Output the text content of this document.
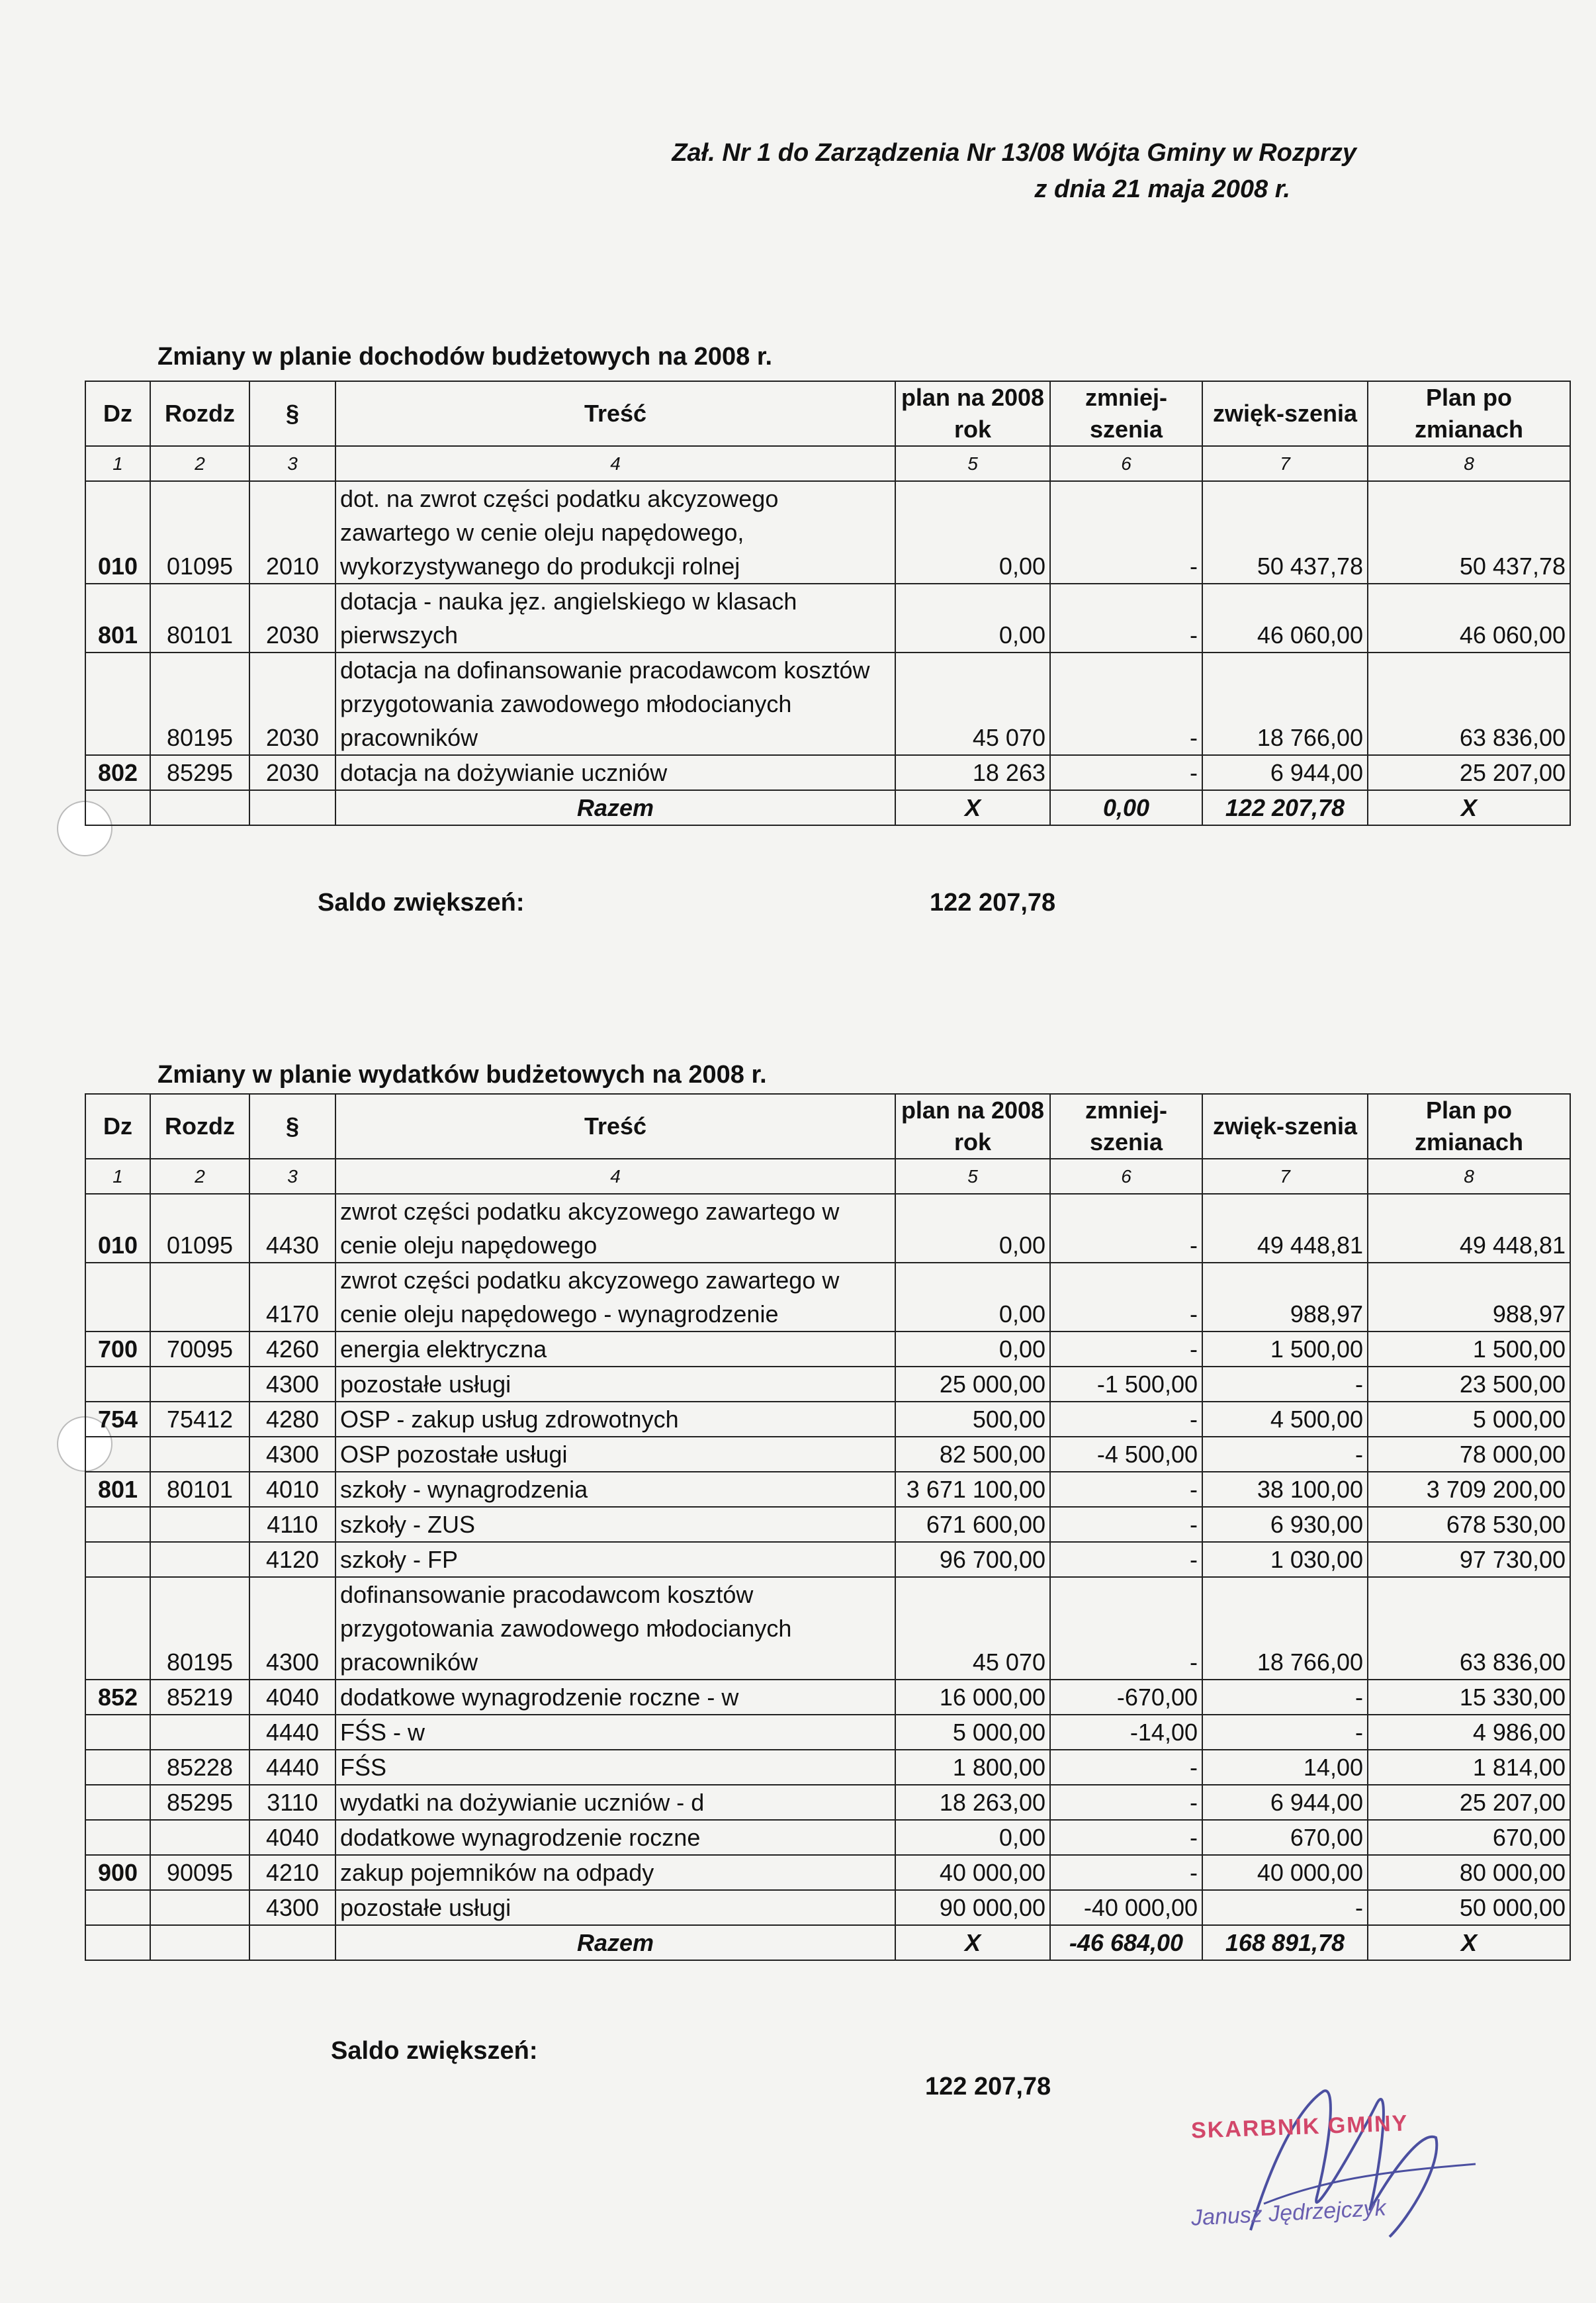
Zał. Nr 1 do Zarządzenia Nr 13/08 Wójta Gminy w Rozprzy
z dnia 21 maja 2008 r.
Zmiany w planie dochodów budżetowych na 2008 r.
Dz	Rozdz	§	Treść	plan na 2008 rok	zmniej-szenia	zwięk-szenia	Plan po zmianach
1	2	3	4	5	6	7	8
010	01095	2010	dot. na zwrot części podatku akcyzowego zawartego w cenie oleju napędowego, wykorzystywanego do produkcji rolnej	0,00	-	50 437,78	50 437,78
801	80101	2030	dotacja - nauka jęz. angielskiego w klasach pierwszych	0,00	-	46 060,00	46 060,00
	80195	2030	dotacja na dofinansowanie pracodawcom kosztów przygotowania zawodowego młodocianych pracowników	45 070	-	18 766,00	63 836,00
802	85295	2030	dotacja na dożywianie uczniów	18 263	-	6 944,00	25 207,00
			Razem	X	0,00	122 207,78	X
Saldo zwiększeń:	122 207,78
Zmiany w planie wydatków budżetowych na 2008 r.
Dz	Rozdz	§	Treść	plan na 2008 rok	zmniej-szenia	zwięk-szenia	Plan po zmianach
1	2	3	4	5	6	7	8
010	01095	4430	zwrot części podatku akcyzowego zawartego w cenie oleju napędowego	0,00	-	49 448,81	49 448,81
		4170	zwrot części podatku akcyzowego zawartego w cenie oleju napędowego - wynagrodzenie	0,00	-	988,97	988,97
700	70095	4260	energia elektryczna	0,00	-	1 500,00	1 500,00
		4300	pozostałe usługi	25 000,00	-1 500,00	-	23 500,00
754	75412	4280	OSP - zakup usług zdrowotnych	500,00	-	4 500,00	5 000,00
		4300	OSP pozostałe usługi	82 500,00	-4 500,00	-	78 000,00
801	80101	4010	szkoły - wynagrodzenia	3 671 100,00	-	38 100,00	3 709 200,00
		4110	szkoły - ZUS	671 600,00	-	6 930,00	678 530,00
		4120	szkoły - FP	96 700,00	-	1 030,00	97 730,00
	80195	4300	dofinansowanie pracodawcom kosztów przygotowania zawodowego młodocianych pracowników	45 070	-	18 766,00	63 836,00
852	85219	4040	dodatkowe wynagrodzenie roczne - w	16 000,00	-670,00	-	15 330,00
		4440	FŚS - w	5 000,00	-14,00	-	4 986,00
	85228	4440	FŚS	1 800,00	-	14,00	1 814,00
	85295	3110	wydatki na dożywianie uczniów - d	18 263,00	-	6 944,00	25 207,00
		4040	dodatkowe wynagrodzenie roczne	0,00	-	670,00	670,00
900	90095	4210	zakup pojemników na odpady	40 000,00	-	40 000,00	80 000,00
		4300	pozostałe usługi	90 000,00	-40 000,00	-	50 000,00
			Razem	X	-46 684,00	168 891,78	X
Saldo zwiększeń:
122 207,78
SKARBNIK GMINY
Janusz Jędrzejczyk
